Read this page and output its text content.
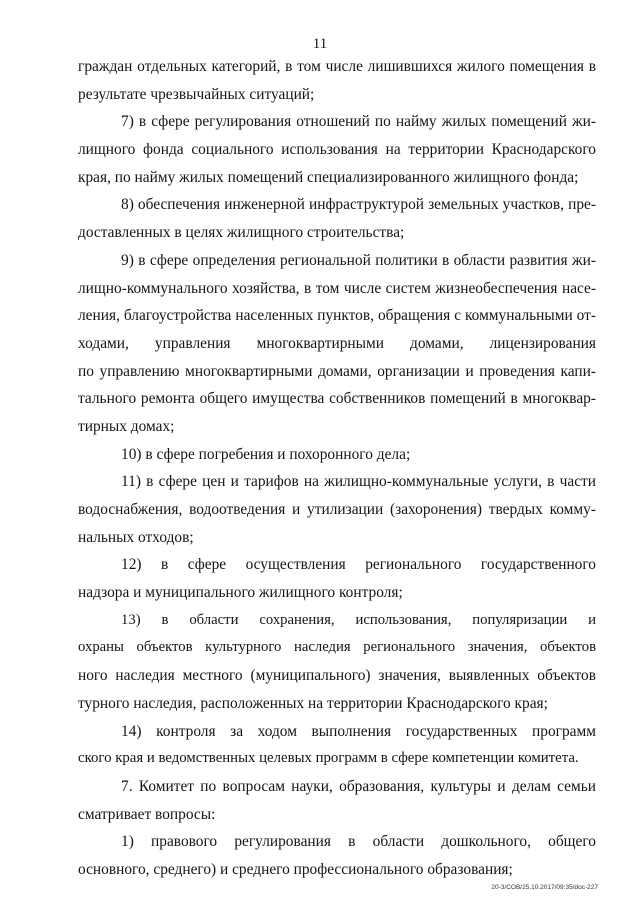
11
граждан отдельных категорий, в том числе лишившихся жилого помещения в
результате чрезвычайных ситуаций;
7) в сфере регулирования отношений по найму жилых помещений жи-
лищного фонда социального использования на территории Краснодарского
края, по найму жилых помещений специализированного жилищного фонда;
8) обеспечения инженерной инфраструктурой земельных участков, пре-
доставленных в целях жилищного строительства;
9) в сфере определения региональной политики в области развития жи-
лищно-коммунального хозяйства, в том числе систем жизнеобеспечения насе-
ления, благоустройства населенных пунктов, обращения с коммунальными от-
ходами, управления многоквартирными домами, лицензирования
по управлению многоквартирными домами, организации и проведения капи-
тального ремонта общего имущества собственников помещений в многоквар-
тирных домах;
10) в сфере погребения и похоронного дела;
11) в сфере цен и тарифов на жилищно-коммунальные услуги, в части
водоснабжения, водоотведения и утилизации (захоронения) твердых комму-
нальных отходов;
12) в сфере осуществления регионального государственного
надзора и муниципального жилищного контроля;
13) в области сохранения, использования, популяризации и
охраны объектов культурного наследия регионального значения, объектов
ного наследия местного (муниципального) значения, выявленных объектов
турного наследия, расположенных на территории Краснодарского края;
14) контроля за ходом выполнения государственных программ
ского края и ведомственных целевых программ в сфере компетенции комитета.
7. Комитет по вопросам науки, образования, культуры и делам семьи
сматривает вопросы:
1) правового регулирования в области дошкольного, общего
основного, среднего) и среднего профессионального образования;
20-3/COB/25.10.2017/09:35/doc-227
